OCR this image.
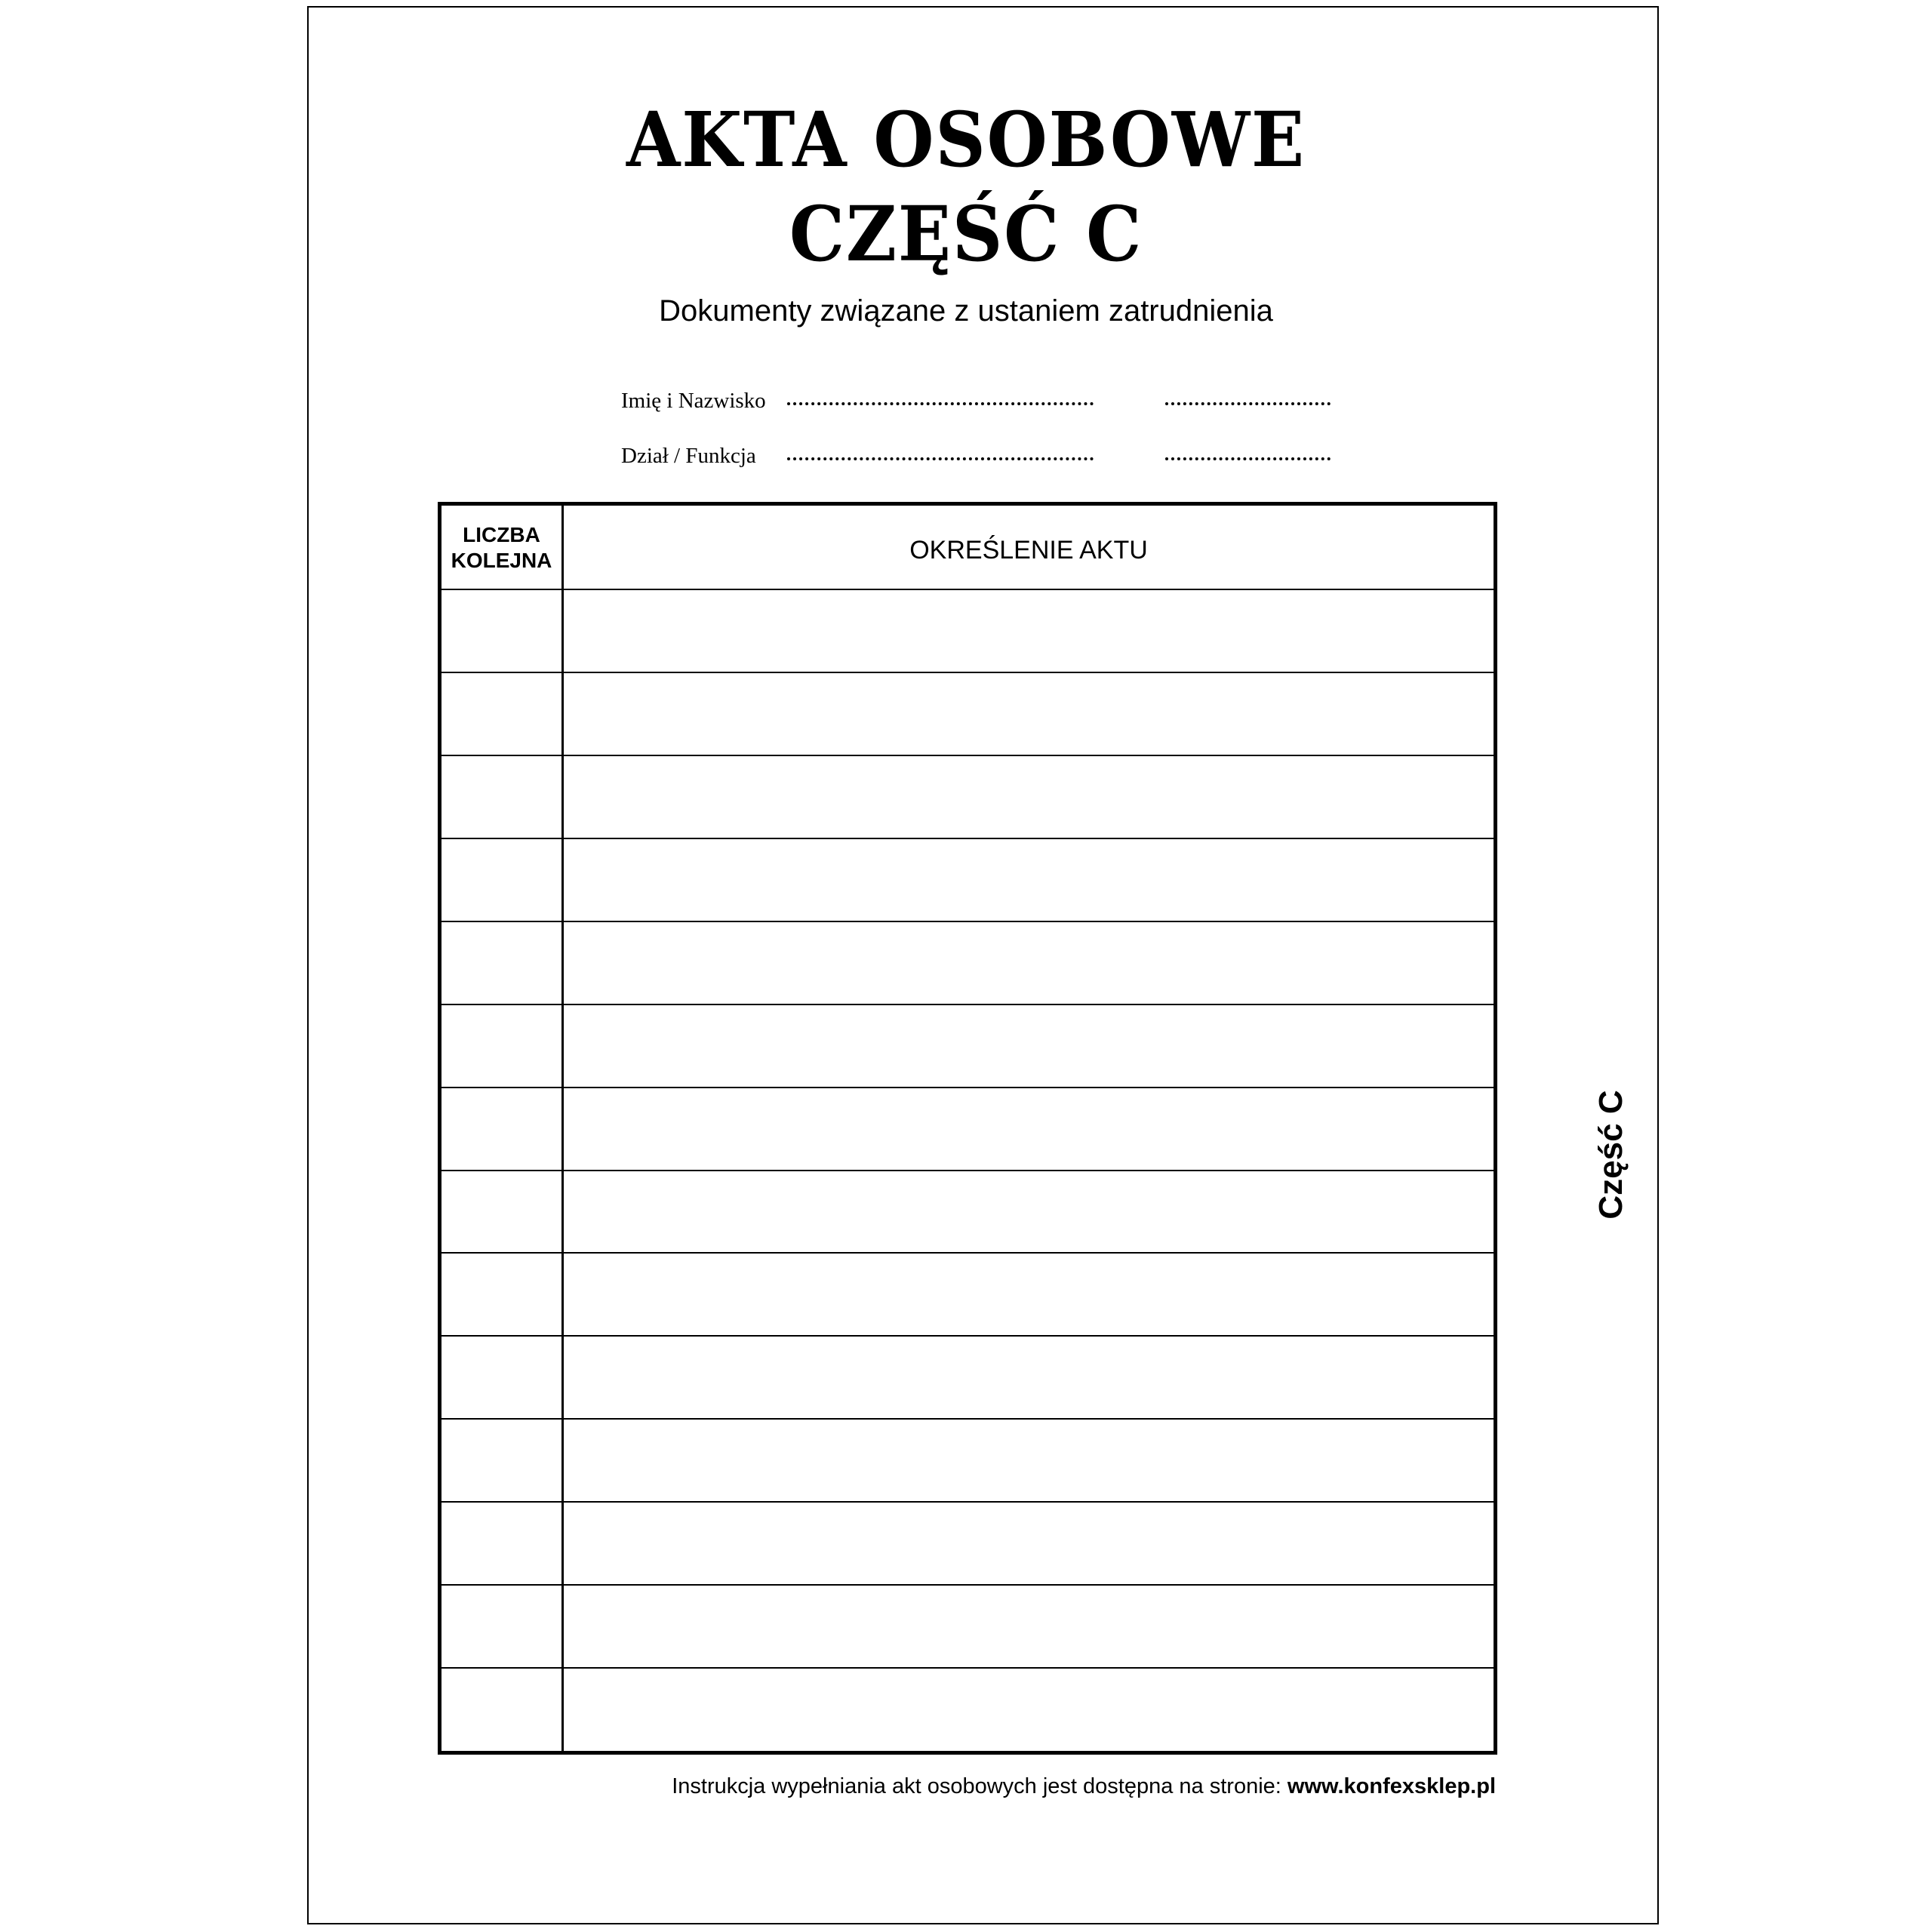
AKTA OSOBOWE
CZĘŚĆ C
Dokumenty związane z ustaniem zatrudnienia
Imię i Nazwisko
Dział / Funkcja
LICZBA
KOLEJNA	OKREŚLENIE AKTU
Instrukcja wypełniania akt osobowych jest dostępna na stronie: www.konfexsklep.pl
Część C
